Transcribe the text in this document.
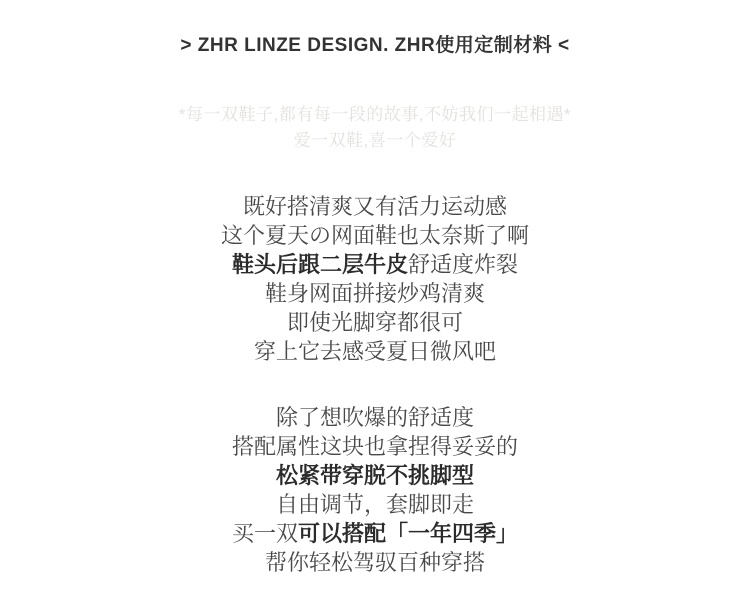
> ZHR LINZE DESIGN. ZHR使用定制材料 <

*每一双鞋子,都有每一段的故事,不妨我们一起相遇*

爱一双鞋,喜一个爱好

既好搭清爽又有活力运动感

这个夏天の网面鞋也太奈斯了啊

鞋头后跟二层牛皮舒适度炸裂

鞋身网面拼接炒鸡清爽

即使光脚穿都很可

穿上它去感受夏日微风吧

除了想吹爆的舒适度

搭配属性这块也拿捏得妥妥的

松紧带穿脱不挑脚型

自由调节，套脚即走

买一双可以搭配「一年四季」

帮你轻松驾驭百种穿搭
